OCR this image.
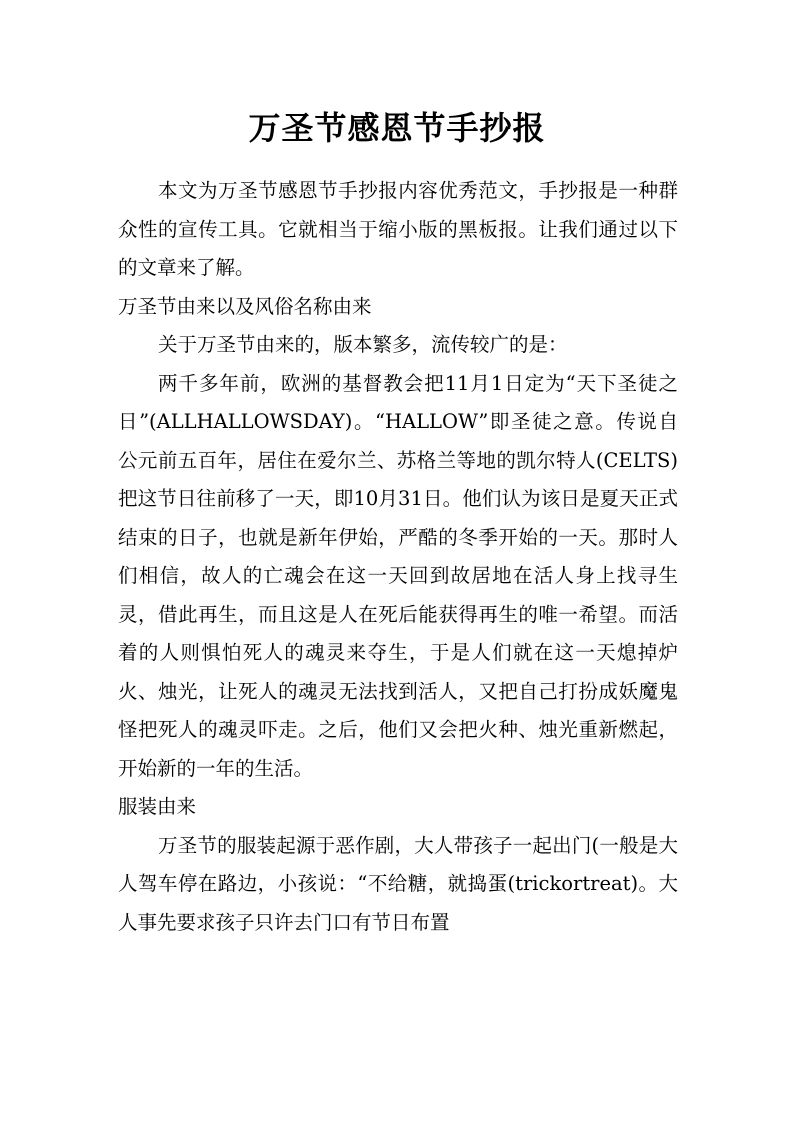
万圣节感恩节手抄报

本文为万圣节感恩节手抄报内容优秀范文，手抄报是一种群众性的宣传工具。它就相当于缩小版的黑板报。让我们通过以下的文章来了解。

万圣节由来以及风俗名称由来

关于万圣节由来的，版本繁多，流传较广的是：

两千多年前，欧洲的基督教会把11月1日定为“天下圣徒之日”(ALLHALLOWSDAY)。“HALLOW”即圣徒之意。传说自公元前五百年，居住在爱尔兰、苏格兰等地的凯尔特人(CELTS)把这节日往前移了一天，即10月31日。他们认为该日是夏天正式结束的日子，也就是新年伊始，严酷的冬季开始的一天。那时人们相信，故人的亡魂会在这一天回到故居地在活人身上找寻生灵，借此再生，而且这是人在死后能获得再生的唯一希望。而活着的人则惧怕死人的魂灵来夺生，于是人们就在这一天熄掉炉火、烛光，让死人的魂灵无法找到活人，又把自己打扮成妖魔鬼怪把死人的魂灵吓走。之后，他们又会把火种、烛光重新燃起，开始新的一年的生活。

服装由来

万圣节的服装起源于恶作剧，大人带孩子一起出门(一般是大人驾车停在路边，小孩说：“不给糖，就捣蛋(trickortreat)。大人事先要求孩子只许去门口有节日布置
